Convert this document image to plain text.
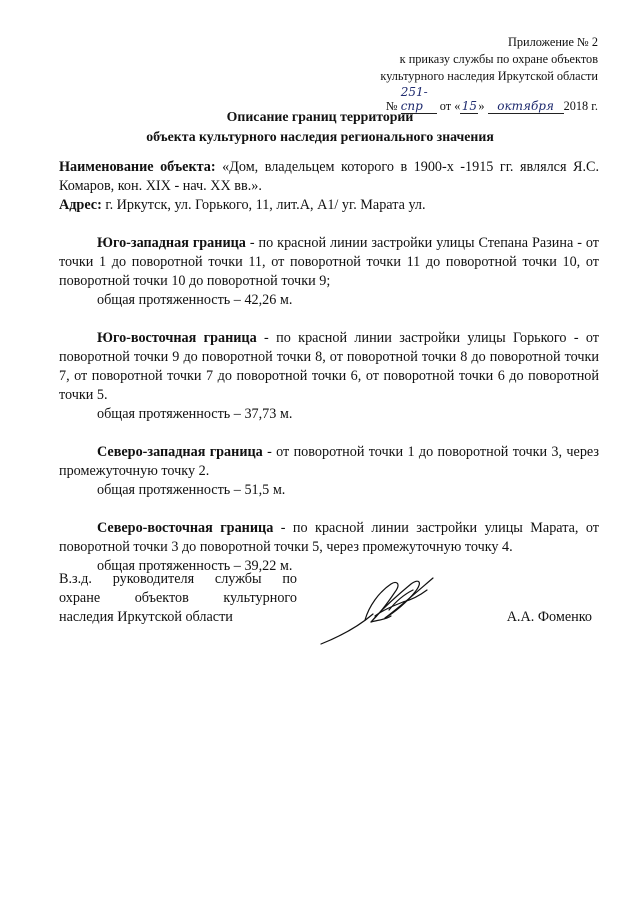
Приложение № 2
к приказу службы по охране объектов
культурного наследия Иркутской области
№ 251-спр от «15» октября 2018 г.
Описание границ территории
объекта культурного наследия регионального значения

Наименование объекта: «Дом, владельцем которого в 1900-х -1915 гг. являлся Я.С. Комаров, кон. XIX - нач. XX вв.».

Адрес: г. Иркутск, ул. Горького, 11, лит.А, А1/ уг. Марата ул.

Юго-западная граница - по красной линии застройки улицы Степана Разина - от точки 1 до поворотной точки 11, от поворотной точки 11 до поворотной точки 10, от поворотной точки 10 до поворотной точки 9;

общая протяженность – 42,26 м.

Юго-восточная граница - по красной линии застройки улицы Горького - от поворотной точки 9 до поворотной точки 8, от поворотной точки 8 до поворотной точки 7, от поворотной точки 7 до поворотной точки 6, от поворотной точки 6 до поворотной точки 5.

общая протяженность – 37,73 м.

Северо-западная граница - от поворотной точки 1 до поворотной точки 3, через промежуточную точку 2.

общая протяженность – 51,5 м.

Северо-восточная граница - по красной линии застройки улицы Марата, от поворотной точки 3 до поворотной точки 5, через промежуточную точку 4.

общая протяженность – 39,22 м.

В.з.д. руководителя службы по
охране объектов культурного
наследия Иркутской области	А.А. Фоменко
